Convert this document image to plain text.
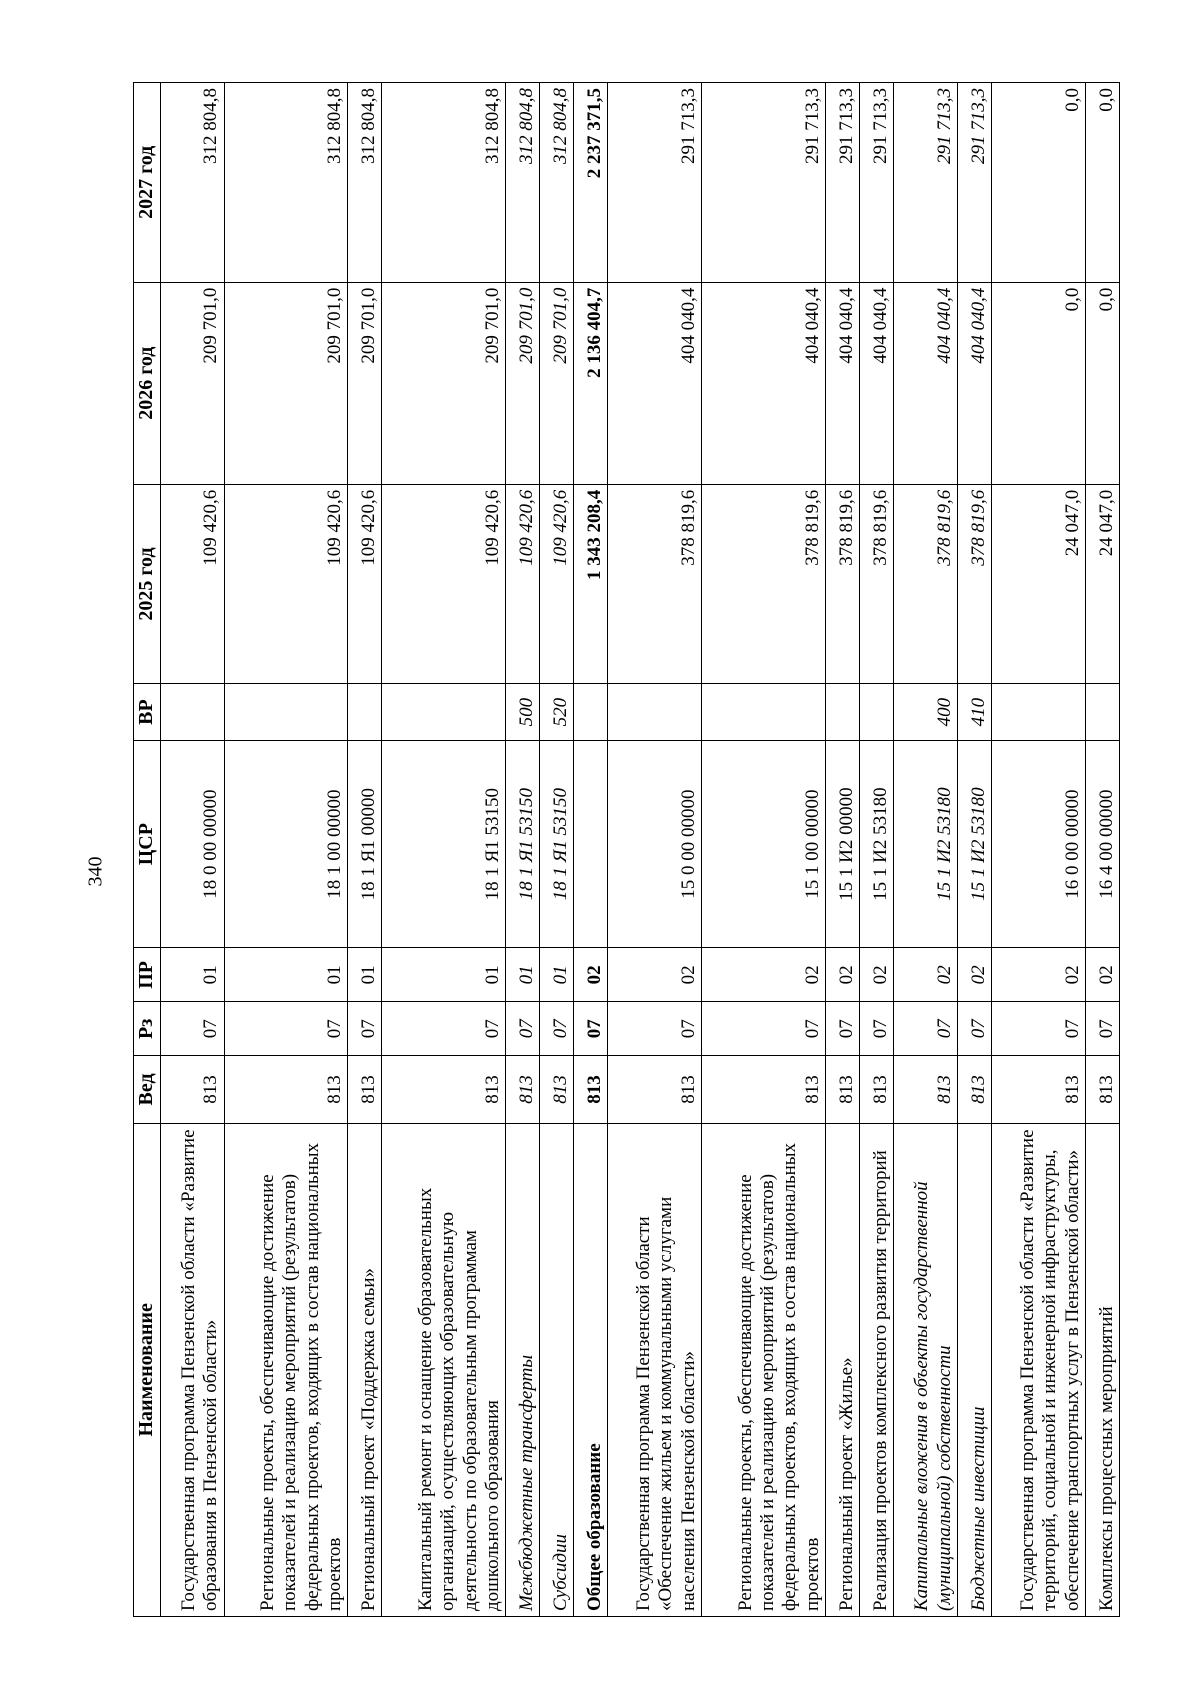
340
Наименование	Вед	Рз	ПР	ЦСР	ВР	2025 год	2026 год	2027 год
Государственная программа Пензенской области «Развитие образования в Пензенской области»	813	07	01	18 0 00 00000		109 420,6	209 701,0	312 804,8
Региональные проекты, обеспечивающие достижение показателей и реализацию мероприятий (результатов) федеральных проектов, входящих в состав национальных проектов	813	07	01	18 1 00 00000		109 420,6	209 701,0	312 804,8
Региональный проект «Поддержка семьи»	813	07	01	18 1 Я1 00000		109 420,6	209 701,0	312 804,8
Капитальный ремонт и оснащение образовательных организаций, осуществляющих образовательную деятельность по образовательным программам дошкольного образования	813	07	01	18 1 Я1 53150		109 420,6	209 701,0	312 804,8
Межбюджетные трансферты	813	07	01	18 1 Я1 53150	500	109 420,6	209 701,0	312 804,8
Субсидии	813	07	01	18 1 Я1 53150	520	109 420,6	209 701,0	312 804,8
Общее образование	813	07	02			1 343 208,4	2 136 404,7	2 237 371,5
Государственная программа Пензенской области «Обеспечение жильем и коммунальными услугами населения Пензенской области»	813	07	02	15 0 00 00000		378 819,6	404 040,4	291 713,3
Региональные проекты, обеспечивающие достижение показателей и реализацию мероприятий (результатов) федеральных проектов, входящих в состав национальных проектов	813	07	02	15 1 00 00000		378 819,6	404 040,4	291 713,3
Региональный проект «Жилье»	813	07	02	15 1 И2 00000		378 819,6	404 040,4	291 713,3
Реализация проектов комплексного развития территорий	813	07	02	15 1 И2 53180		378 819,6	404 040,4	291 713,3
Капитальные вложения в объекты государственной (муниципальной) собственности	813	07	02	15 1 И2 53180	400	378 819,6	404 040,4	291 713,3
Бюджетные инвестиции	813	07	02	15 1 И2 53180	410	378 819,6	404 040,4	291 713,3
Государственная программа Пензенской области «Развитие территорий, социальной и инженерной инфраструктуры, обеспечение транспортных услуг в Пензенской области»	813	07	02	16 0 00 00000		24 047,0	0,0	0,0
Комплексы процессных мероприятий	813	07	02	16 4 00 00000		24 047,0	0,0	0,0
